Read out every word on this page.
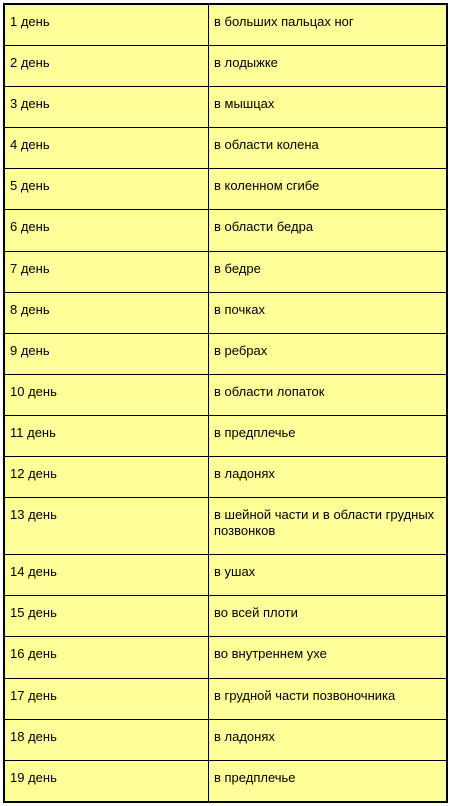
1 день	в больших пальцах ног
2 день	в лодыжке
3 день	в мышцах
4 день	в области колена
5 день	в коленном сгибе
6 день	в области бедра
7 день	в бедре
8 день	в почках
9 день	в ребрах
10 день	в области лопаток
11 день	в предплечье
12 день	в ладонях
13 день	в шейной части и в области грудных позвонков
14 день	в ушах
15 день	во всей плоти
16 день	во внутреннем ухе
17 день	в грудной части позвоночника
18 день	в ладонях
19 день	в предплечье
